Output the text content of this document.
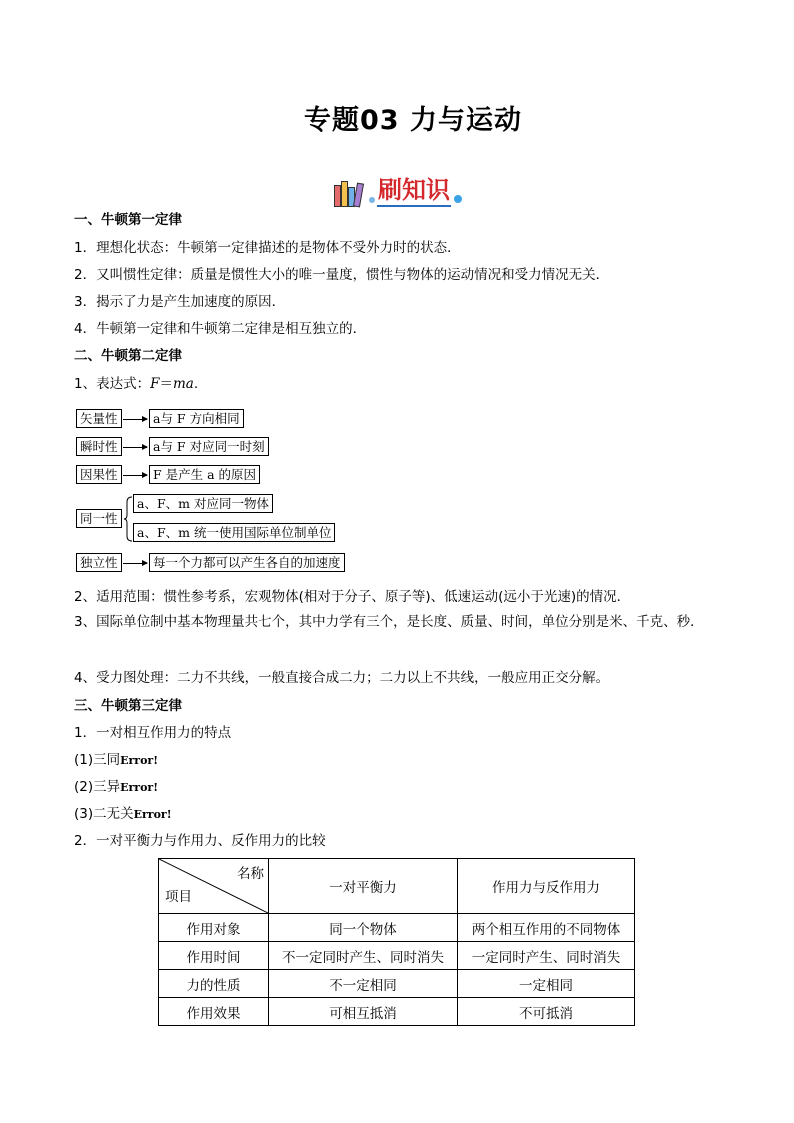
专题03 力与运动
刷知识
一、牛顿第一定律
1．理想化状态：牛顿第一定律描述的是物体不受外力时的状态．
2．又叫惯性定律：质量是惯性大小的唯一量度，惯性与物体的运动情况和受力情况无关．
3．揭示了力是产生加速度的原因．
4．牛顿第一定律和牛顿第二定律是相互独立的．
二、牛顿第二定律
1、表达式：F＝ma.
矢量性	a与 F 方向相同
瞬时性	a与 F 对应同一时刻
因果性	F 是产生 a 的原因
同一性
a、F、m 对应同一物体
a、F、m 统一使用国际单位制单位
独立性	每一个力都可以产生各自的加速度
2、适用范围：惯性参考系，宏观物体(相对于分子、原子等)、低速运动(远小于光速)的情况．
3、国际单位制中基本物理量共七个，其中力学有三个，是长度、质量、时间，单位分别是米、千克、秒．
4、受力图处理：二力不共线，一般直接合成二力；二力以上不共线，一般应用正交分解。
三、牛顿第三定律
1．一对相互作用力的特点
(1)三同Error!
(2)三异Error!
(3)二无关Error!
2．一对平衡力与作用力、反作用力的比较
名称
项目	一对平衡力	作用力与反作用力
作用对象	同一个物体	两个相互作用的不同物体
作用时间	不一定同时产生、同时消失	一定同时产生、同时消失
力的性质	不一定相同	一定相同
作用效果	可相互抵消	不可抵消
